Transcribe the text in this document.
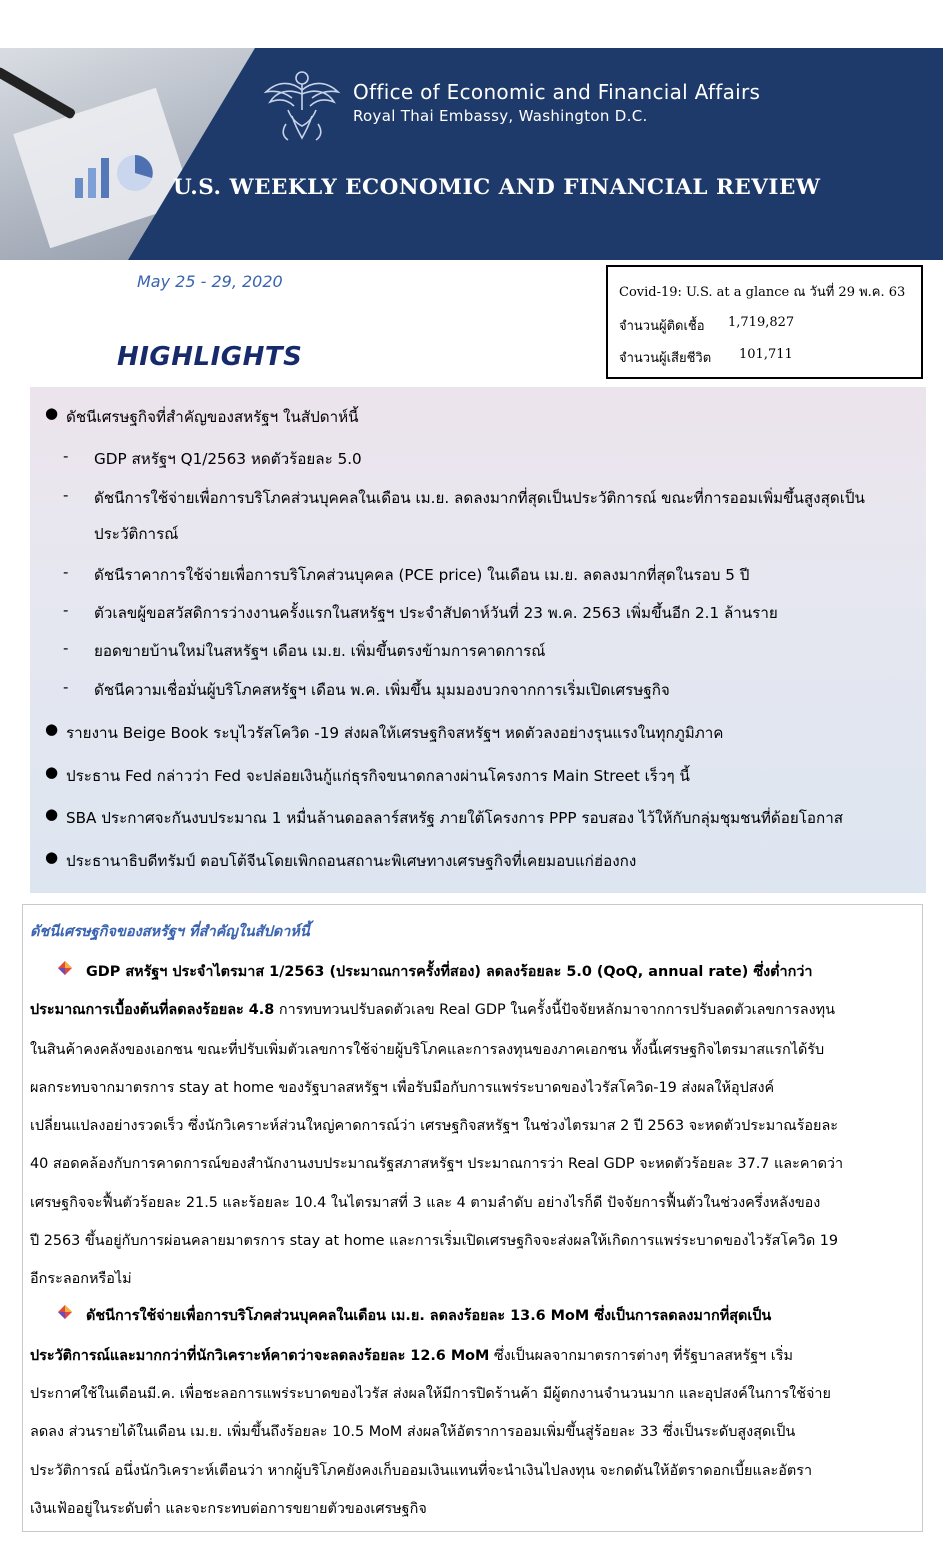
Office of Economic and Financial Affairs
Royal Thai Embassy, Washington D.C.
U.S. WEEKLY ECONOMIC AND FINANCIAL REVIEW
May 25 - 29, 2020
HIGHLIGHTS
Covid-19: U.S. at a glance ณ วันที่ 29 พ.ค. 63
จำนวนผู้ติดเชื้อ 1,719,827
จำนวนผู้เสียชีวิต 101,711
● ดัชนีเศรษฐกิจที่สำคัญของสหรัฐฯ ในสัปดาห์นี้
- GDP สหรัฐฯ Q1/2563 หดตัวร้อยละ 5.0
- ดัชนีการใช้จ่ายเพื่อการบริโภคส่วนบุคคลในเดือน เม.ย. ลดลงมากที่สุดเป็นประวัติการณ์ ขณะที่การออมเพิ่มขึ้นสูงสุดเป็น
ประวัติการณ์
- ดัชนีราคาการใช้จ่ายเพื่อการบริโภคส่วนบุคคล (PCE price) ในเดือน เม.ย. ลดลงมากที่สุดในรอบ 5 ปี
- ตัวเลขผู้ขอสวัสดิการว่างงานครั้งแรกในสหรัฐฯ ประจำสัปดาห์วันที่ 23 พ.ค. 2563 เพิ่มขึ้นอีก 2.1 ล้านราย
- ยอดขายบ้านใหม่ในสหรัฐฯ เดือน เม.ย. เพิ่มขึ้นตรงข้ามการคาดการณ์
- ดัชนีความเชื่อมั่นผู้บริโภคสหรัฐฯ เดือน พ.ค. เพิ่มขึ้น มุมมองบวกจากการเริ่มเปิดเศรษฐกิจ
● รายงาน Beige Book ระบุไวรัสโควิด -19 ส่งผลให้เศรษฐกิจสหรัฐฯ หดตัวลงอย่างรุนแรงในทุกภูมิภาค
● ประธาน Fed กล่าวว่า Fed จะปล่อยเงินกู้แก่ธุรกิจขนาดกลางผ่านโครงการ Main Street เร็วๆ นี้
● SBA ประกาศจะกันงบประมาณ 1 หมื่นล้านดอลลาร์สหรัฐ ภายใต้โครงการ PPP รอบสอง ไว้ให้กับกลุ่มชุมชนที่ด้อยโอกาส
● ประธานาธิบดีทรัมป์ ตอบโต้จีนโดยเพิกถอนสถานะพิเศษทางเศรษฐกิจที่เคยมอบแก่ฮ่องกง
ดัชนีเศรษฐกิจของสหรัฐฯ ที่สำคัญในสัปดาห์นี้
GDP สหรัฐฯ ประจำไตรมาส 1/2563 (ประมาณการครั้งที่สอง) ลดลงร้อยละ 5.0 (QoQ, annual rate) ซึ่งต่ำกว่า
ประมาณการเบื้องต้นที่ลดลงร้อยละ 4.8 การทบทวนปรับลดตัวเลข Real GDP ในครั้งนี้ปัจจัยหลักมาจากการปรับลดตัวเลขการลงทุน
ในสินค้าคงคลังของเอกชน ขณะที่ปรับเพิ่มตัวเลขการใช้จ่ายผู้บริโภคและการลงทุนของภาคเอกชน ทั้งนี้เศรษฐกิจไตรมาสแรกได้รับ
ผลกระทบจากมาตรการ stay at home ของรัฐบาลสหรัฐฯ เพื่อรับมือกับการแพร่ระบาดของไวรัสโควิด-19 ส่งผลให้อุปสงค์
เปลี่ยนแปลงอย่างรวดเร็ว ซึ่งนักวิเคราะห์ส่วนใหญ่คาดการณ์ว่า เศรษฐกิจสหรัฐฯ ในช่วงไตรมาส 2 ปี 2563 จะหดตัวประมาณร้อยละ
40 สอดคล้องกับการคาดการณ์ของสำนักงานงบประมาณรัฐสภาสหรัฐฯ ประมาณการว่า Real GDP จะหดตัวร้อยละ 37.7 และคาดว่า
เศรษฐกิจจะฟื้นตัวร้อยละ 21.5 และร้อยละ 10.4 ในไตรมาสที่ 3 และ 4 ตามลำดับ อย่างไรก็ดี ปัจจัยการฟื้นตัวในช่วงครึ่งหลังของ
ปี 2563 ขึ้นอยู่กับการผ่อนคลายมาตรการ stay at home และการเริ่มเปิดเศรษฐกิจจะส่งผลให้เกิดการแพร่ระบาดของไวรัสโควิด 19
อีกระลอกหรือไม่
ดัชนีการใช้จ่ายเพื่อการบริโภคส่วนบุคคลในเดือน เม.ย. ลดลงร้อยละ 13.6 MoM ซึ่งเป็นการลดลงมากที่สุดเป็น
ประวัติการณ์และมากกว่าที่นักวิเคราะห์คาดว่าจะลดลงร้อยละ 12.6 MoM ซึ่งเป็นผลจากมาตรการต่างๆ ที่รัฐบาลสหรัฐฯ เริ่ม
ประกาศใช้ในเดือนมี.ค. เพื่อชะลอการแพร่ระบาดของไวรัส ส่งผลให้มีการปิดร้านค้า มีผู้ตกงานจำนวนมาก และอุปสงค์ในการใช้จ่าย
ลดลง ส่วนรายได้ในเดือน เม.ย. เพิ่มขึ้นถึงร้อยละ 10.5 MoM ส่งผลให้อัตราการออมเพิ่มขึ้นสู่ร้อยละ 33 ซึ่งเป็นระดับสูงสุดเป็น
ประวัติการณ์ อนึ่งนักวิเคราะห์เตือนว่า หากผู้บริโภคยังคงเก็บออมเงินแทนที่จะนำเงินไปลงทุน จะกดดันให้อัตราดอกเบี้ยและอัตรา
เงินเฟ้ออยู่ในระดับต่ำ และจะกระทบต่อการขยายตัวของเศรษฐกิจ
